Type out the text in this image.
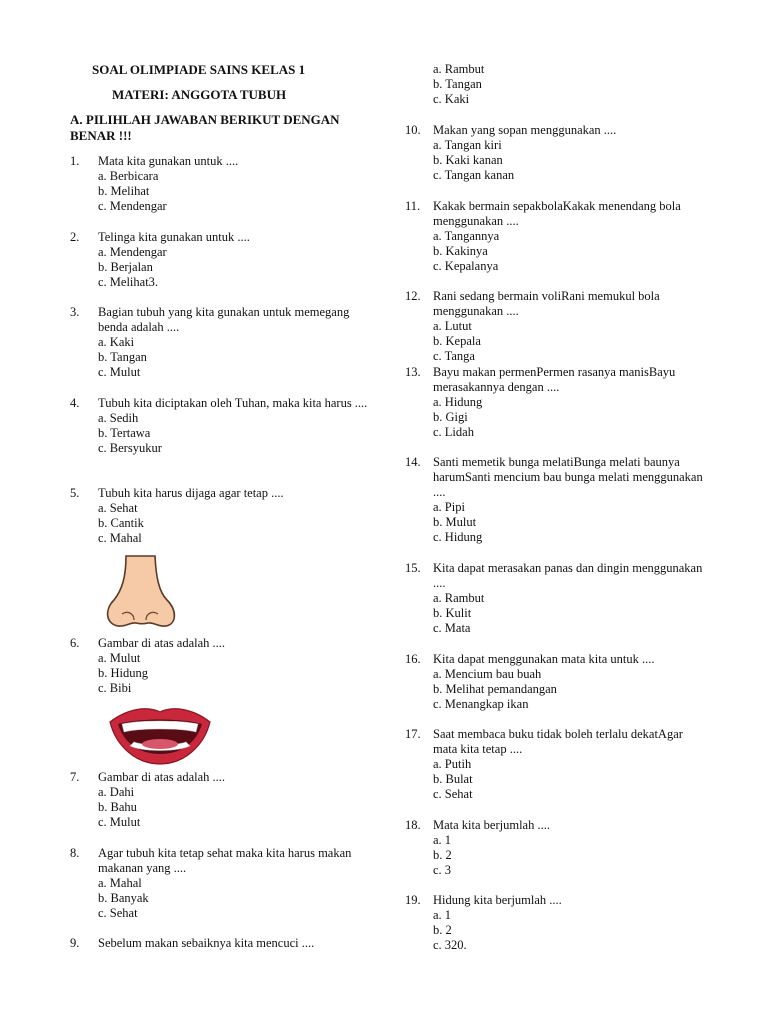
SOAL OLIMPIADE SAINS KELAS 1
MATERI: ANGGOTA TUBUH
A. PILIHLAH JAWABAN BERIKUT DENGAN BENAR !!!
1. Mata kita gunakan untuk ....
a. Berbicara
b. Melihat
c. Mendengar
2. Telinga kita gunakan untuk ....
a. Mendengar
b. Berjalan
c. Melihat3.
3. Bagian tubuh yang kita gunakan untuk memegang benda adalah ....
a. Kaki
b. Tangan
c. Mulut
4. Tubuh kita diciptakan oleh Tuhan, maka kita harus ....
a. Sedih
b. Tertawa
c. Bersyukur
5. Tubuh kita harus dijaga agar tetap ....
a. Sehat
b. Cantik
c. Mahal
6. Gambar di atas adalah ....
a. Mulut
b. Hidung
c. Bibi
7. Gambar di atas adalah ....
a. Dahi
b. Bahu
c. Mulut
8. Agar tubuh kita tetap sehat maka kita harus makan makanan yang ....
a. Mahal
b. Banyak
c. Sehat
9. Sebelum makan sebaiknya kita mencuci ....
a. Rambut
b. Tangan
c. Kaki
10. Makan yang sopan menggunakan ....
a. Tangan kiri
b. Kaki kanan
c. Tangan kanan
11. Kakak bermain sepakbolaKakak menendang bola menggunakan ....
a. Tangannya
b. Kakinya
c. Kepalanya
12. Rani sedang bermain voliRani memukul bola menggunakan ....
a. Lutut
b. Kepala
c. Tanga
13. Bayu makan permenPermen rasanya manisBayu merasakannya dengan ....
a. Hidung
b. Gigi
c. Lidah
14. Santi memetik bunga melatiBunga melati baunya harumSanti mencium bau bunga melati menggunakan ....
a. Pipi
b. Mulut
c. Hidung
15. Kita dapat merasakan panas dan dingin menggunakan ....
a. Rambut
b. Kulit
c. Mata
16. Kita dapat menggunakan mata kita untuk ....
a. Mencium bau buah
b. Melihat pemandangan
c. Menangkap ikan
17. Saat membaca buku tidak boleh terlalu dekatAgar mata kita tetap ....
a. Putih
b. Bulat
c. Sehat
18. Mata kita berjumlah ....
a. 1
b. 2
c. 3
19. Hidung kita berjumlah ....
a. 1
b. 2
c. 320.
